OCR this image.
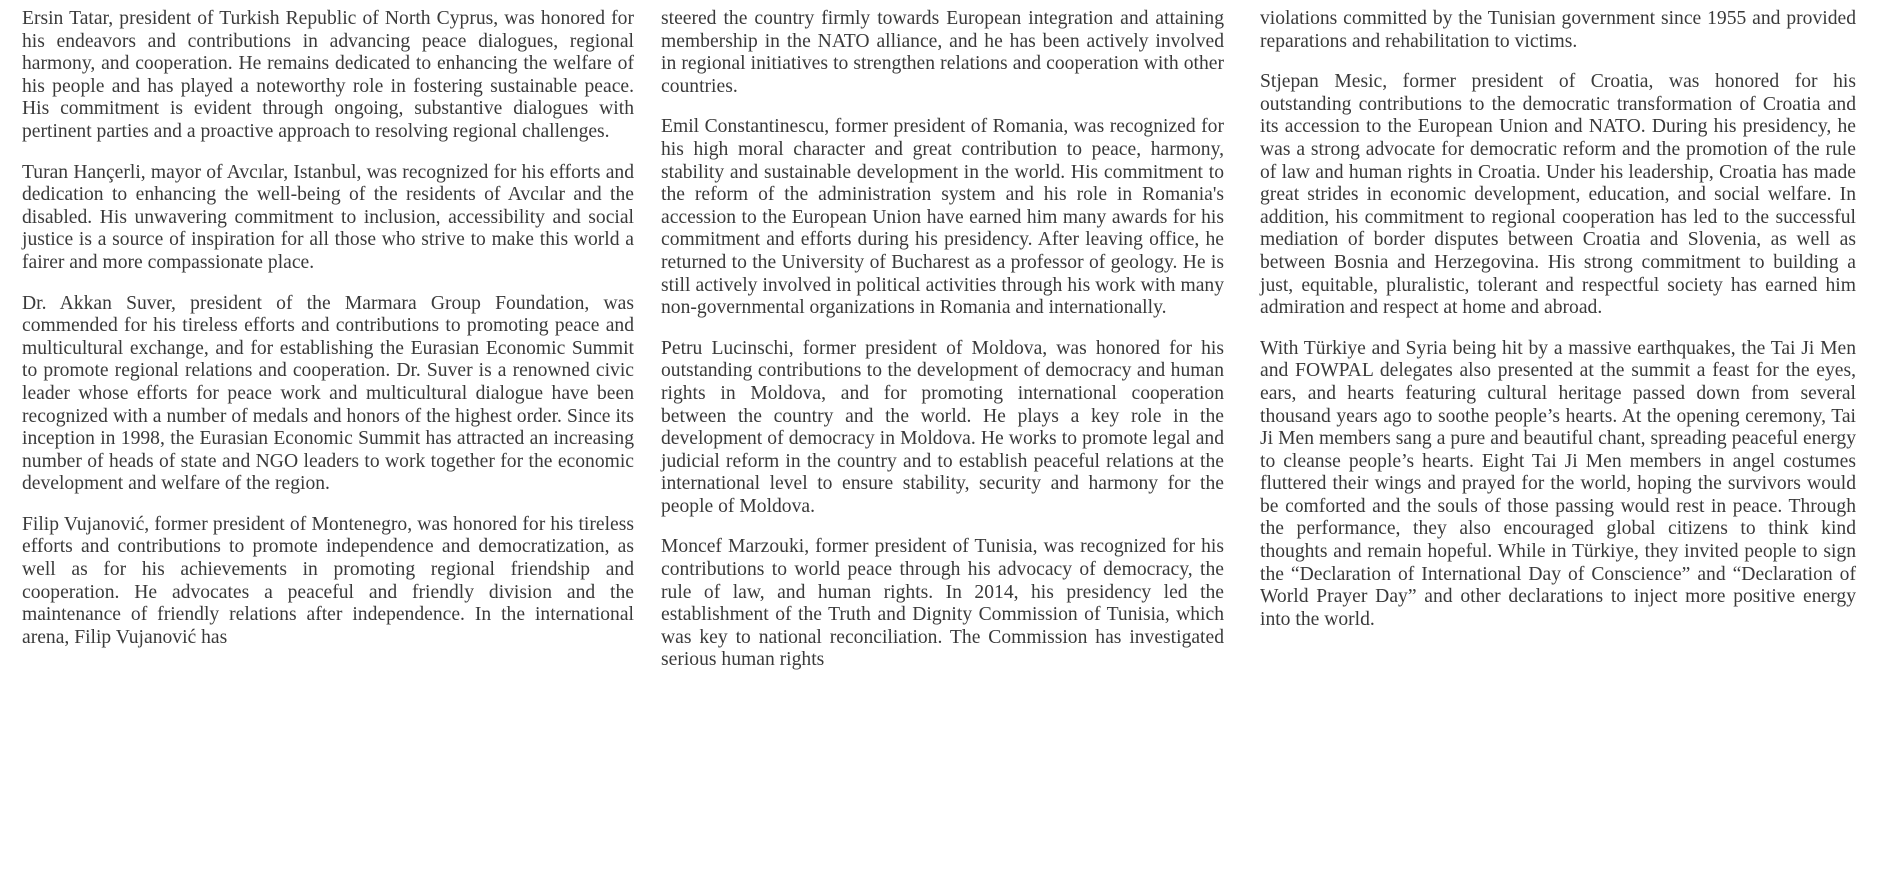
Ersin Tatar, president of Turkish Republic of North Cyprus, was honored for his endeavors and contributions in advancing peace dialogues, regional harmony, and cooperation. He remains dedicated to enhancing the welfare of his people and has played a noteworthy role in fostering sustainable peace. His commitment is evident through ongoing, substantive dialogues with pertinent parties and a proactive approach to resolving regional challenges.

Turan Hançerli, mayor of Avcılar, Istanbul, was recognized for his efforts and dedication to enhancing the well-being of the residents of Avcılar and the disabled. His unwavering commitment to inclusion, accessibility and social justice is a source of inspiration for all those who strive to make this world a fairer and more compassionate place.

Dr. Akkan Suver, president of the Marmara Group Foundation, was commended for his tireless efforts and contributions to promoting peace and multicultural exchange, and for establishing the Eurasian Economic Summit to promote regional relations and cooperation. Dr. Suver is a renowned civic leader whose efforts for peace work and multicultural dialogue have been recognized with a number of medals and honors of the highest order. Since its inception in 1998, the Eurasian Economic Summit has attracted an increasing number of heads of state and NGO leaders to work together for the economic development and welfare of the region.

Filip Vujanović, former president of Montenegro, was honored for his tireless efforts and contributions to promote independence and democratization, as well as for his achievements in promoting regional friendship and cooperation. He advocates a peaceful and friendly division and the maintenance of friendly relations after independence. In the international arena, Filip Vujanović has

steered the country firmly towards European integration and attaining membership in the NATO alliance, and he has been actively involved in regional initiatives to strengthen relations and cooperation with other countries.

Emil Constantinescu, former president of Romania, was recognized for his high moral character and great contribution to peace, harmony, stability and sustainable development in the world. His commitment to the reform of the administration system and his role in Romania's accession to the European Union have earned him many awards for his commitment and efforts during his presidency. After leaving office, he returned to the University of Bucharest as a professor of geology. He is still actively involved in political activities through his work with many non-governmental organizations in Romania and internationally.

Petru Lucinschi, former president of Moldova, was honored for his outstanding contributions to the development of democracy and human rights in Moldova, and for promoting international cooperation between the country and the world. He plays a key role in the development of democracy in Moldova. He works to promote legal and judicial reform in the country and to establish peaceful relations at the international level to ensure stability, security and harmony for the people of Moldova.

Moncef Marzouki, former president of Tunisia, was recognized for his contributions to world peace through his advocacy of democracy, the rule of law, and human rights. In 2014, his presidency led the establishment of the Truth and Dignity Commission of Tunisia, which was key to national reconciliation. The Commission has investigated serious human rights

violations committed by the Tunisian government since 1955 and provided reparations and rehabilitation to victims.

Stjepan Mesic, former president of Croatia, was honored for his outstanding contributions to the democratic transformation of Croatia and its accession to the European Union and NATO. During his presidency, he was a strong advocate for democratic reform and the promotion of the rule of law and human rights in Croatia. Under his leadership, Croatia has made great strides in economic development, education, and social welfare. In addition, his commitment to regional cooperation has led to the successful mediation of border disputes between Croatia and Slovenia, as well as between Bosnia and Herzegovina. His strong commitment to building a just, equitable, pluralistic, tolerant and respectful society has earned him admiration and respect at home and abroad.

With Türkiye and Syria being hit by a massive earthquakes, the Tai Ji Men and FOWPAL delegates also presented at the summit a feast for the eyes, ears, and hearts featuring cultural heritage passed down from several thousand years ago to soothe people’s hearts. At the opening ceremony, Tai Ji Men members sang a pure and beautiful chant, spreading peaceful energy to cleanse people’s hearts. Eight Tai Ji Men members in angel costumes fluttered their wings and prayed for the world, hoping the survivors would be comforted and the souls of those passing would rest in peace. Through the performance, they also encouraged global citizens to think kind thoughts and remain hopeful. While in Türkiye, they invited people to sign the “Declaration of International Day of Conscience” and “Declaration of World Prayer Day” and other declarations to inject more positive energy into the world.
